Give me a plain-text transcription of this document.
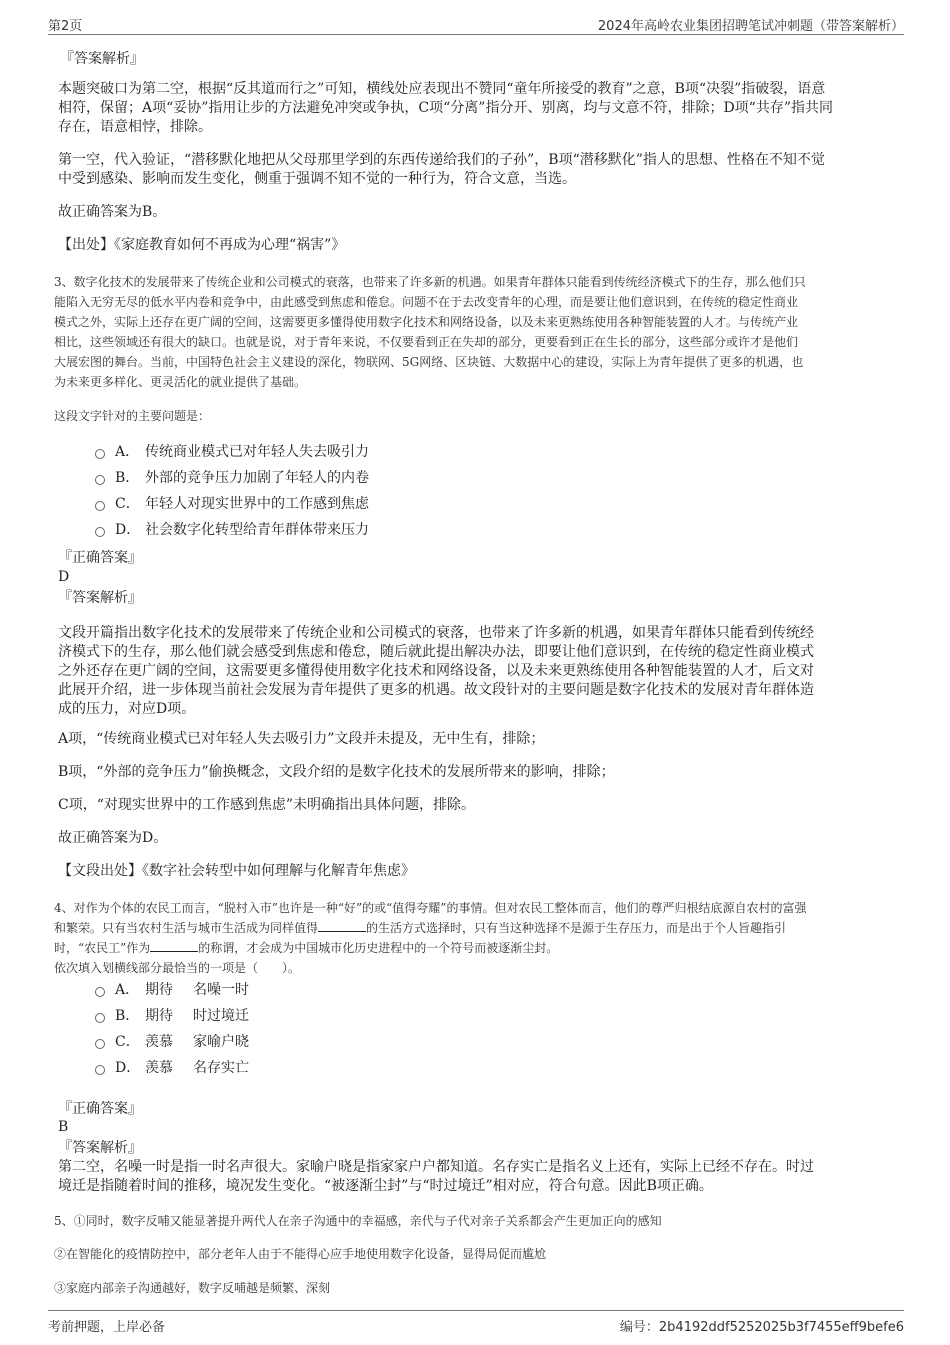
第2页	2024年高岭农业集团招聘笔试冲刺题（带答案解析）
『答案解析』
本题突破口为第二空，根据“反其道而行之”可知，横线处应表现出不赞同“童年所接受的教育”之意，B项“决裂”指破裂，语意
相符，保留；A项“妥协”指用让步的方法避免冲突或争执，C项“分离”指分开、别离，均与文意不符，排除；D项“共存”指共同
存在，语意相悖，排除。
第一空，代入验证，“潜移默化地把从父母那里学到的东西传递给我们的子孙”，B项“潜移默化”指人的思想、性格在不知不觉
中受到感染、影响而发生变化，侧重于强调不知不觉的一种行为，符合文意，当选。
故正确答案为B。
【出处】《家庭教育如何不再成为心理“祸害”》
3、数字化技术的发展带来了传统企业和公司模式的衰落，也带来了许多新的机遇。如果青年群体只能看到传统经济模式下的生存，那么他们只
能陷入无穷无尽的低水平内卷和竞争中，由此感受到焦虑和倦怠。问题不在于去改变青年的心理，而是要让他们意识到，在传统的稳定性商业
模式之外，实际上还存在更广阔的空间，这需要更多懂得使用数字化技术和网络设备，以及未来更熟练使用各种智能装置的人才。与传统产业
相比，这些领域还有很大的缺口。也就是说，对于青年来说，不仅要看到正在失却的部分，更要看到正在生长的部分，这些部分或许才是他们
大展宏图的舞台。当前，中国特色社会主义建设的深化，物联网、5G网络、区块链、大数据中心的建设，实际上为青年提供了更多的机遇，也
为未来更多样化、更灵活化的就业提供了基础。
这段文字针对的主要问题是：
A． 传统商业模式已对年轻人失去吸引力
B． 外部的竞争压力加剧了年轻人的内卷
C． 年轻人对现实世界中的工作感到焦虑
D． 社会数字化转型给青年群体带来压力
『正确答案』
D
『答案解析』
文段开篇指出数字化技术的发展带来了传统企业和公司模式的衰落，也带来了许多新的机遇，如果青年群体只能看到传统经
济模式下的生存，那么他们就会感受到焦虑和倦怠，随后就此提出解决办法，即要让他们意识到，在传统的稳定性商业模式
之外还存在更广阔的空间，这需要更多懂得使用数字化技术和网络设备，以及未来更熟练使用各种智能装置的人才，后文对
此展开介绍，进一步体现当前社会发展为青年提供了更多的机遇。故文段针对的主要问题是数字化技术的发展对青年群体造
成的压力，对应D项。
A项，“传统商业模式已对年轻人失去吸引力”文段并未提及，无中生有，排除；
B项，“外部的竞争压力”偷换概念，文段介绍的是数字化技术的发展所带来的影响，排除；
C项，“对现实世界中的工作感到焦虑”未明确指出具体问题，排除。
故正确答案为D。
【文段出处】《数字社会转型中如何理解与化解青年焦虑》
4、对作为个体的农民工而言，“脱村入市”也许是一种“好”的或“值得夸耀”的事情。但对农民工整体而言，他们的尊严归根结底源自农村的富强
和繁荣。只有当农村生活与城市生活成为同样值得	的生活方式选择时，只有当这种选择不是源于生存压力，而是出于个人旨趣指引
时，“农民工”作为	的称谓，才会成为中国城市化历史进程中的一个符号而被逐渐尘封。
依次填入划横线部分最恰当的一项是（　　）。
A． 期待 名噪一时
B． 期待 时过境迁
C． 羡慕 家喻户晓
D． 羡慕 名存实亡
『正确答案』
B
『答案解析』
第二空，名噪一时是指一时名声很大。家喻户晓是指家家户户都知道。名存实亡是指名义上还有，实际上已经不存在。时过
境迁是指随着时间的推移，境况发生变化。“被逐渐尘封”与“时过境迁”相对应，符合句意。因此B项正确。
5、①同时，数字反哺又能显著提升两代人在亲子沟通中的幸福感，亲代与子代对亲子关系都会产生更加正向的感知
②在智能化的疫情防控中，部分老年人由于不能得心应手地使用数字化设备，显得局促而尴尬
③家庭内部亲子沟通越好，数字反哺越是频繁、深刻
考前押题，上岸必备	编号：2b4192ddf5252025b3f7455eff9befe6
